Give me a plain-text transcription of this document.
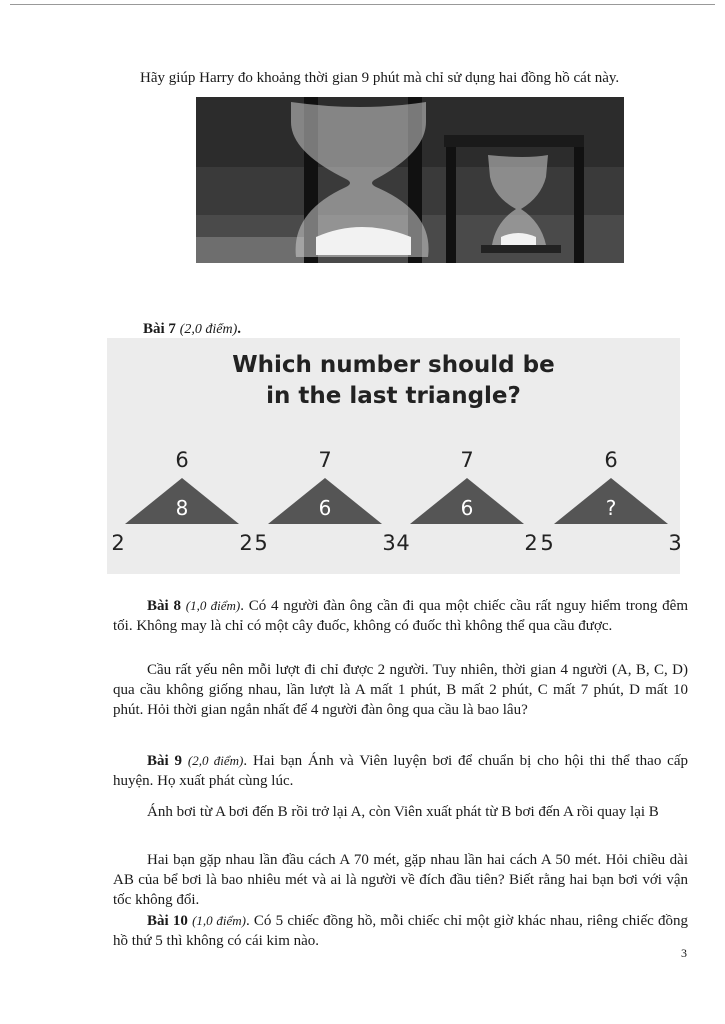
Hãy giúp Harry đo khoảng thời gian 9 phút mà chỉ sử dụng hai đồng hồ cát này.
Bài 7 (2,0 điểm).
Which number should be
in the last triangle?
6
8
2	2
7
6
5	3
7
6
4	2
6
?
5	3
Bài 8 (1,0 điểm). Có 4 người đàn ông cần đi qua một chiếc cầu rất nguy hiểm trong đêm tối. Không may là chỉ có một cây đuốc, không có đuốc thì không thể qua cầu được.
Cầu rất yếu nên mỗi lượt đi chỉ được 2 người. Tuy nhiên, thời gian 4 người (A, B, C, D) qua cầu không giống nhau, lần lượt là A mất 1 phút, B mất 2 phút, C mất 7 phút, D mất 10 phút. Hỏi thời gian ngắn nhất để 4 người đàn ông qua cầu là bao lâu?
Bài 9 (2,0 điểm). Hai bạn Ánh và Viên luyện bơi để chuẩn bị cho hội thi thể thao cấp huyện. Họ xuất phát cùng lúc.
Ánh bơi từ A bơi đến B rồi trở lại A, còn Viên xuất phát từ B bơi đến A rồi quay lại B
Hai bạn gặp nhau lần đầu cách A 70 mét, gặp nhau lần hai cách A 50 mét. Hỏi chiều dài AB của bể bơi là bao nhiêu mét và ai là người về đích đầu tiên? Biết rằng hai bạn bơi với vận tốc không đổi.
Bài 10 (1,0 điểm). Có 5 chiếc đồng hồ, mỗi chiếc chỉ một giờ khác nhau, riêng chiếc đồng hồ thứ 5 thì không có cái kim nào.
3
